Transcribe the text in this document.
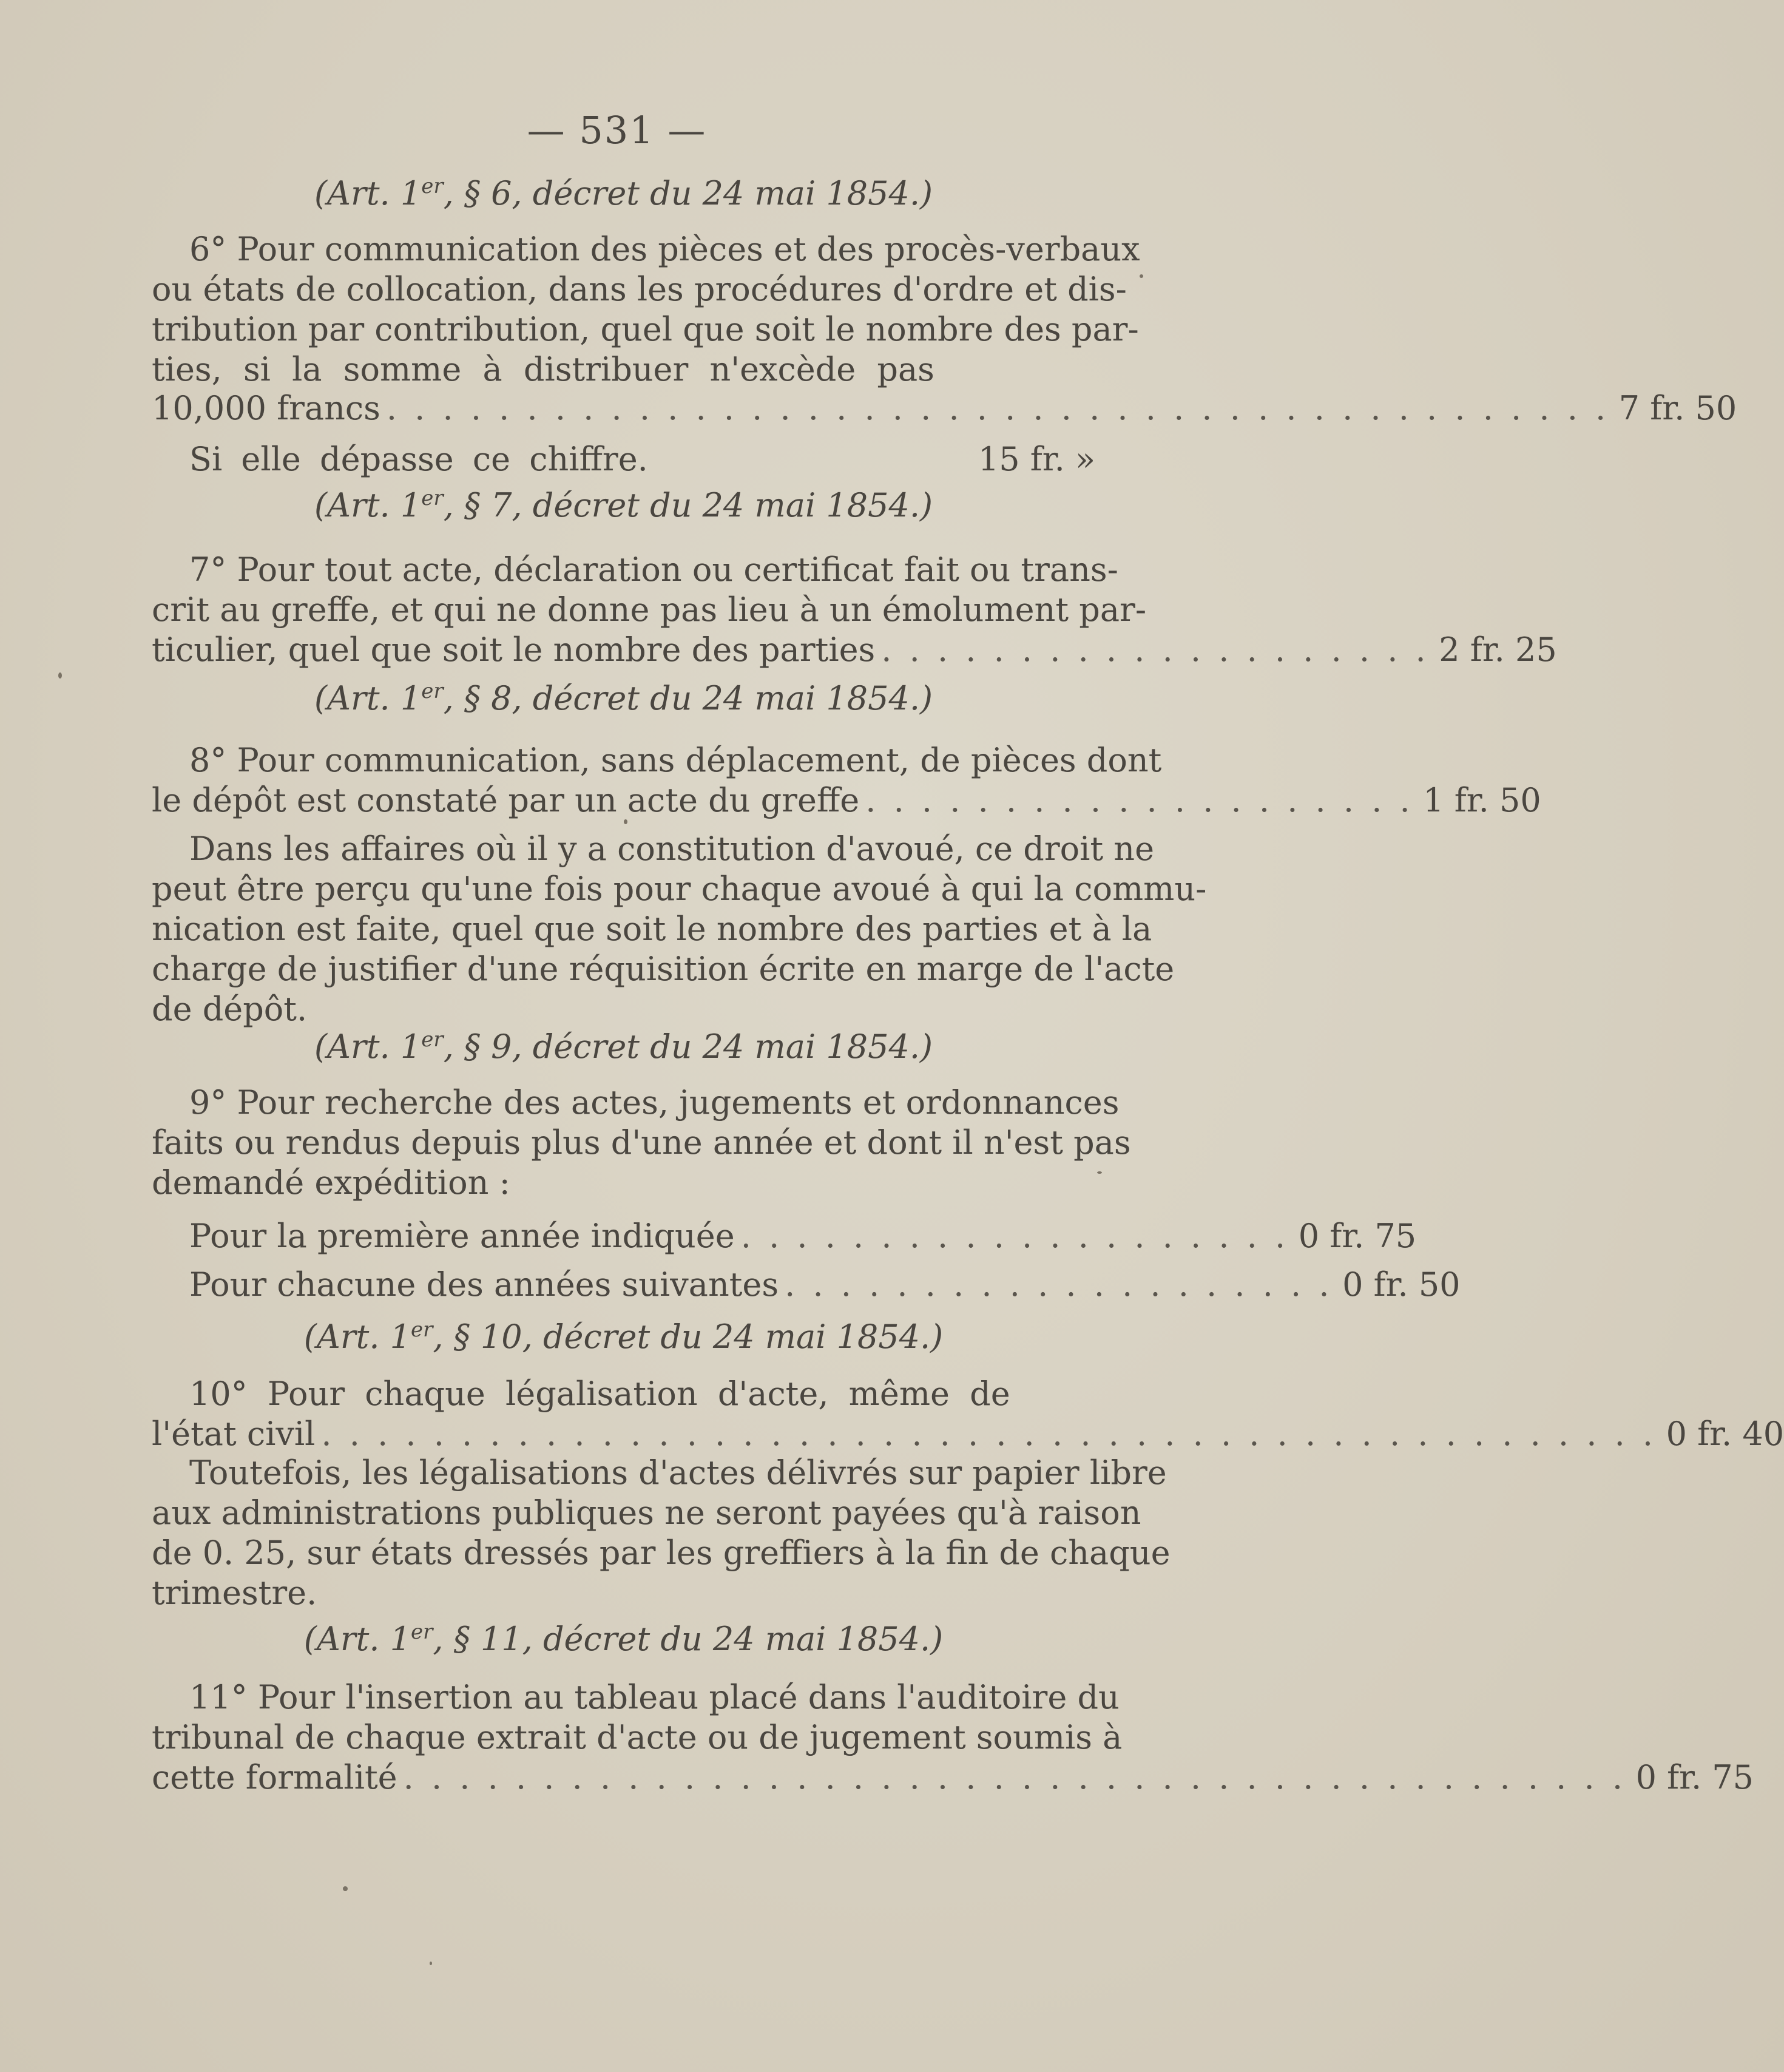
— 531 —
(Art. 1er, § 6, décret du 24 mai 1854.)
6° Pour communication des pièces et des procès-verbaux
ou états de collocation, dans les procédures d'ordre et dis-
tribution par contribution, quel que soit le nombre des par-
ties, si la somme à distribuer n'excède pas
10,000 francs . . . . . . . . . . . . . . . . . . . . . . . . . . . . . . . . . . . . . . . . . . . . 7 fr. 50
Si elle dépasse ce chiffre.	15 fr. »
(Art. 1er, § 7, décret du 24 mai 1854.)
7° Pour tout acte, déclaration ou certificat fait ou trans-
crit au greffe, et qui ne donne pas lieu à un émolument par-
ticulier, quel que soit le nombre des parties . . . . . . . . . . . . . . . . . . . . 2 fr. 25
(Art. 1er, § 8, décret du 24 mai 1854.)
8° Pour communication, sans déplacement, de pièces dont
le dépôt est constaté par un acte du greffe . . . . . . . . . . . . . . . . . . . . 1 fr. 50
Dans les affaires où il y a constitution d'avoué, ce droit ne
peut être perçu qu'une fois pour chaque avoué à qui la commu-
nication est faite, quel que soit le nombre des parties et à la
charge de justifier d'une réquisition écrite en marge de l'acte
de dépôt.
(Art. 1er, § 9, décret du 24 mai 1854.)
9° Pour recherche des actes, jugements et ordonnances
faits ou rendus depuis plus d'une année et dont il n'est pas
demandé expédition :
Pour la première année indiquée . . . . . . . . . . . . . . . . . . . . 0 fr. 75
Pour chacune des années suivantes . . . . . . . . . . . . . . . . . . . . 0 fr. 50
(Art. 1er, § 10, décret du 24 mai 1854.)
10° Pour chaque légalisation d'acte, même de
l'état civil . . . . . . . . . . . . . . . . . . . . . . . . . . . . . . . . . . . . . . . . . . . . . . . . 0 fr. 40
Toutefois, les légalisations d'actes délivrés sur papier libre
aux administrations publiques ne seront payées qu'à raison
de 0. 25, sur états dressés par les greffiers à la fin de chaque
trimestre.
(Art. 1er, § 11, décret du 24 mai 1854.)
11° Pour l'insertion au tableau placé dans l'auditoire du
tribunal de chaque extrait d'acte ou de jugement soumis à
cette formalité . . . . . . . . . . . . . . . . . . . . . . . . . . . . . . . . . . . . . . . . . . . . 0 fr. 75
